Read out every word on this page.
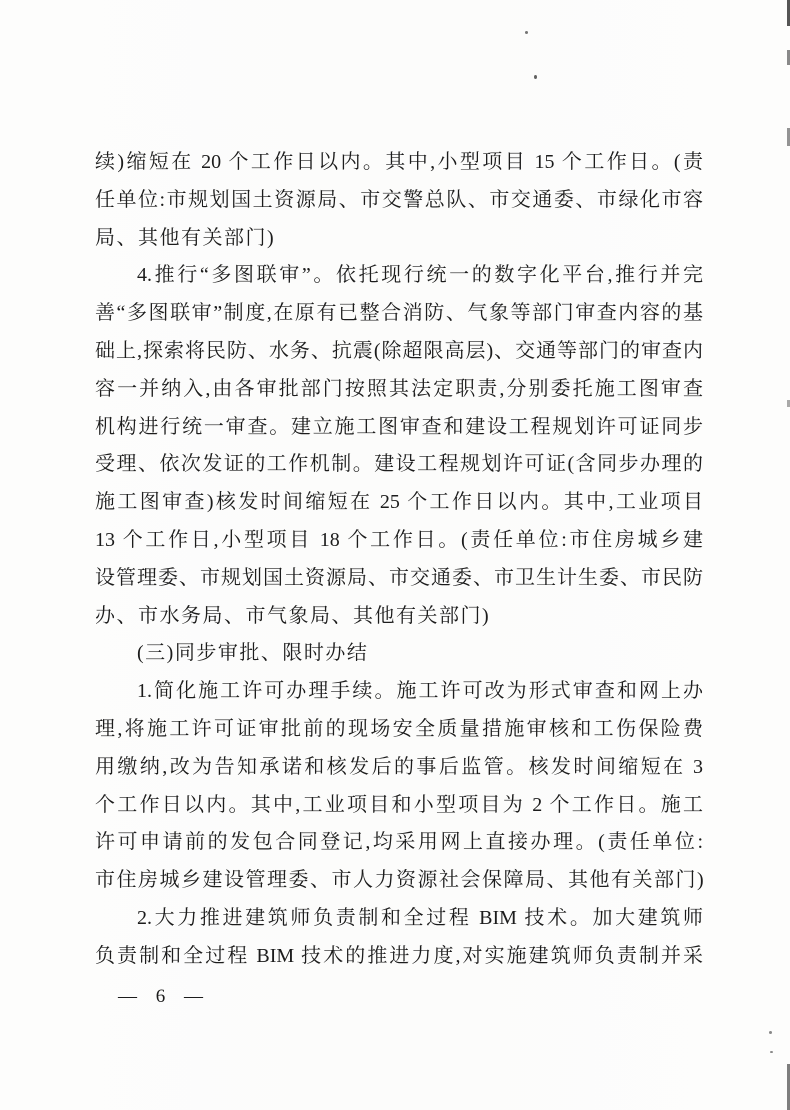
续)缩短在 20 个工作日以内。其中,小型项目 15 个工作日。(责
任单位:市规划国土资源局、市交警总队、市交通委、市绿化市容
局、其他有关部门)
4.推行“多图联审”。依托现行统一的数字化平台,推行并完
善“多图联审”制度,在原有已整合消防、气象等部门审查内容的基
础上,探索将民防、水务、抗震(除超限高层)、交通等部门的审查内
容一并纳入,由各审批部门按照其法定职责,分别委托施工图审查
机构进行统一审查。建立施工图审查和建设工程规划许可证同步
受理、依次发证的工作机制。建设工程规划许可证(含同步办理的
施工图审查)核发时间缩短在 25 个工作日以内。其中,工业项目
13 个工作日,小型项目 18 个工作日。(责任单位:市住房城乡建
设管理委、市规划国土资源局、市交通委、市卫生计生委、市民防
办、市水务局、市气象局、其他有关部门)
(三)同步审批、限时办结
1.简化施工许可办理手续。施工许可改为形式审查和网上办
理,将施工许可证审批前的现场安全质量措施审核和工伤保险费
用缴纳,改为告知承诺和核发后的事后监管。核发时间缩短在 3
个工作日以内。其中,工业项目和小型项目为 2 个工作日。施工
许可申请前的发包合同登记,均采用网上直接办理。(责任单位:
市住房城乡建设管理委、市人力资源社会保障局、其他有关部门)
2.大力推进建筑师负责制和全过程 BIM 技术。加大建筑师
负责制和全过程 BIM 技术的推进力度,对实施建筑师负责制并采
— 6 —
